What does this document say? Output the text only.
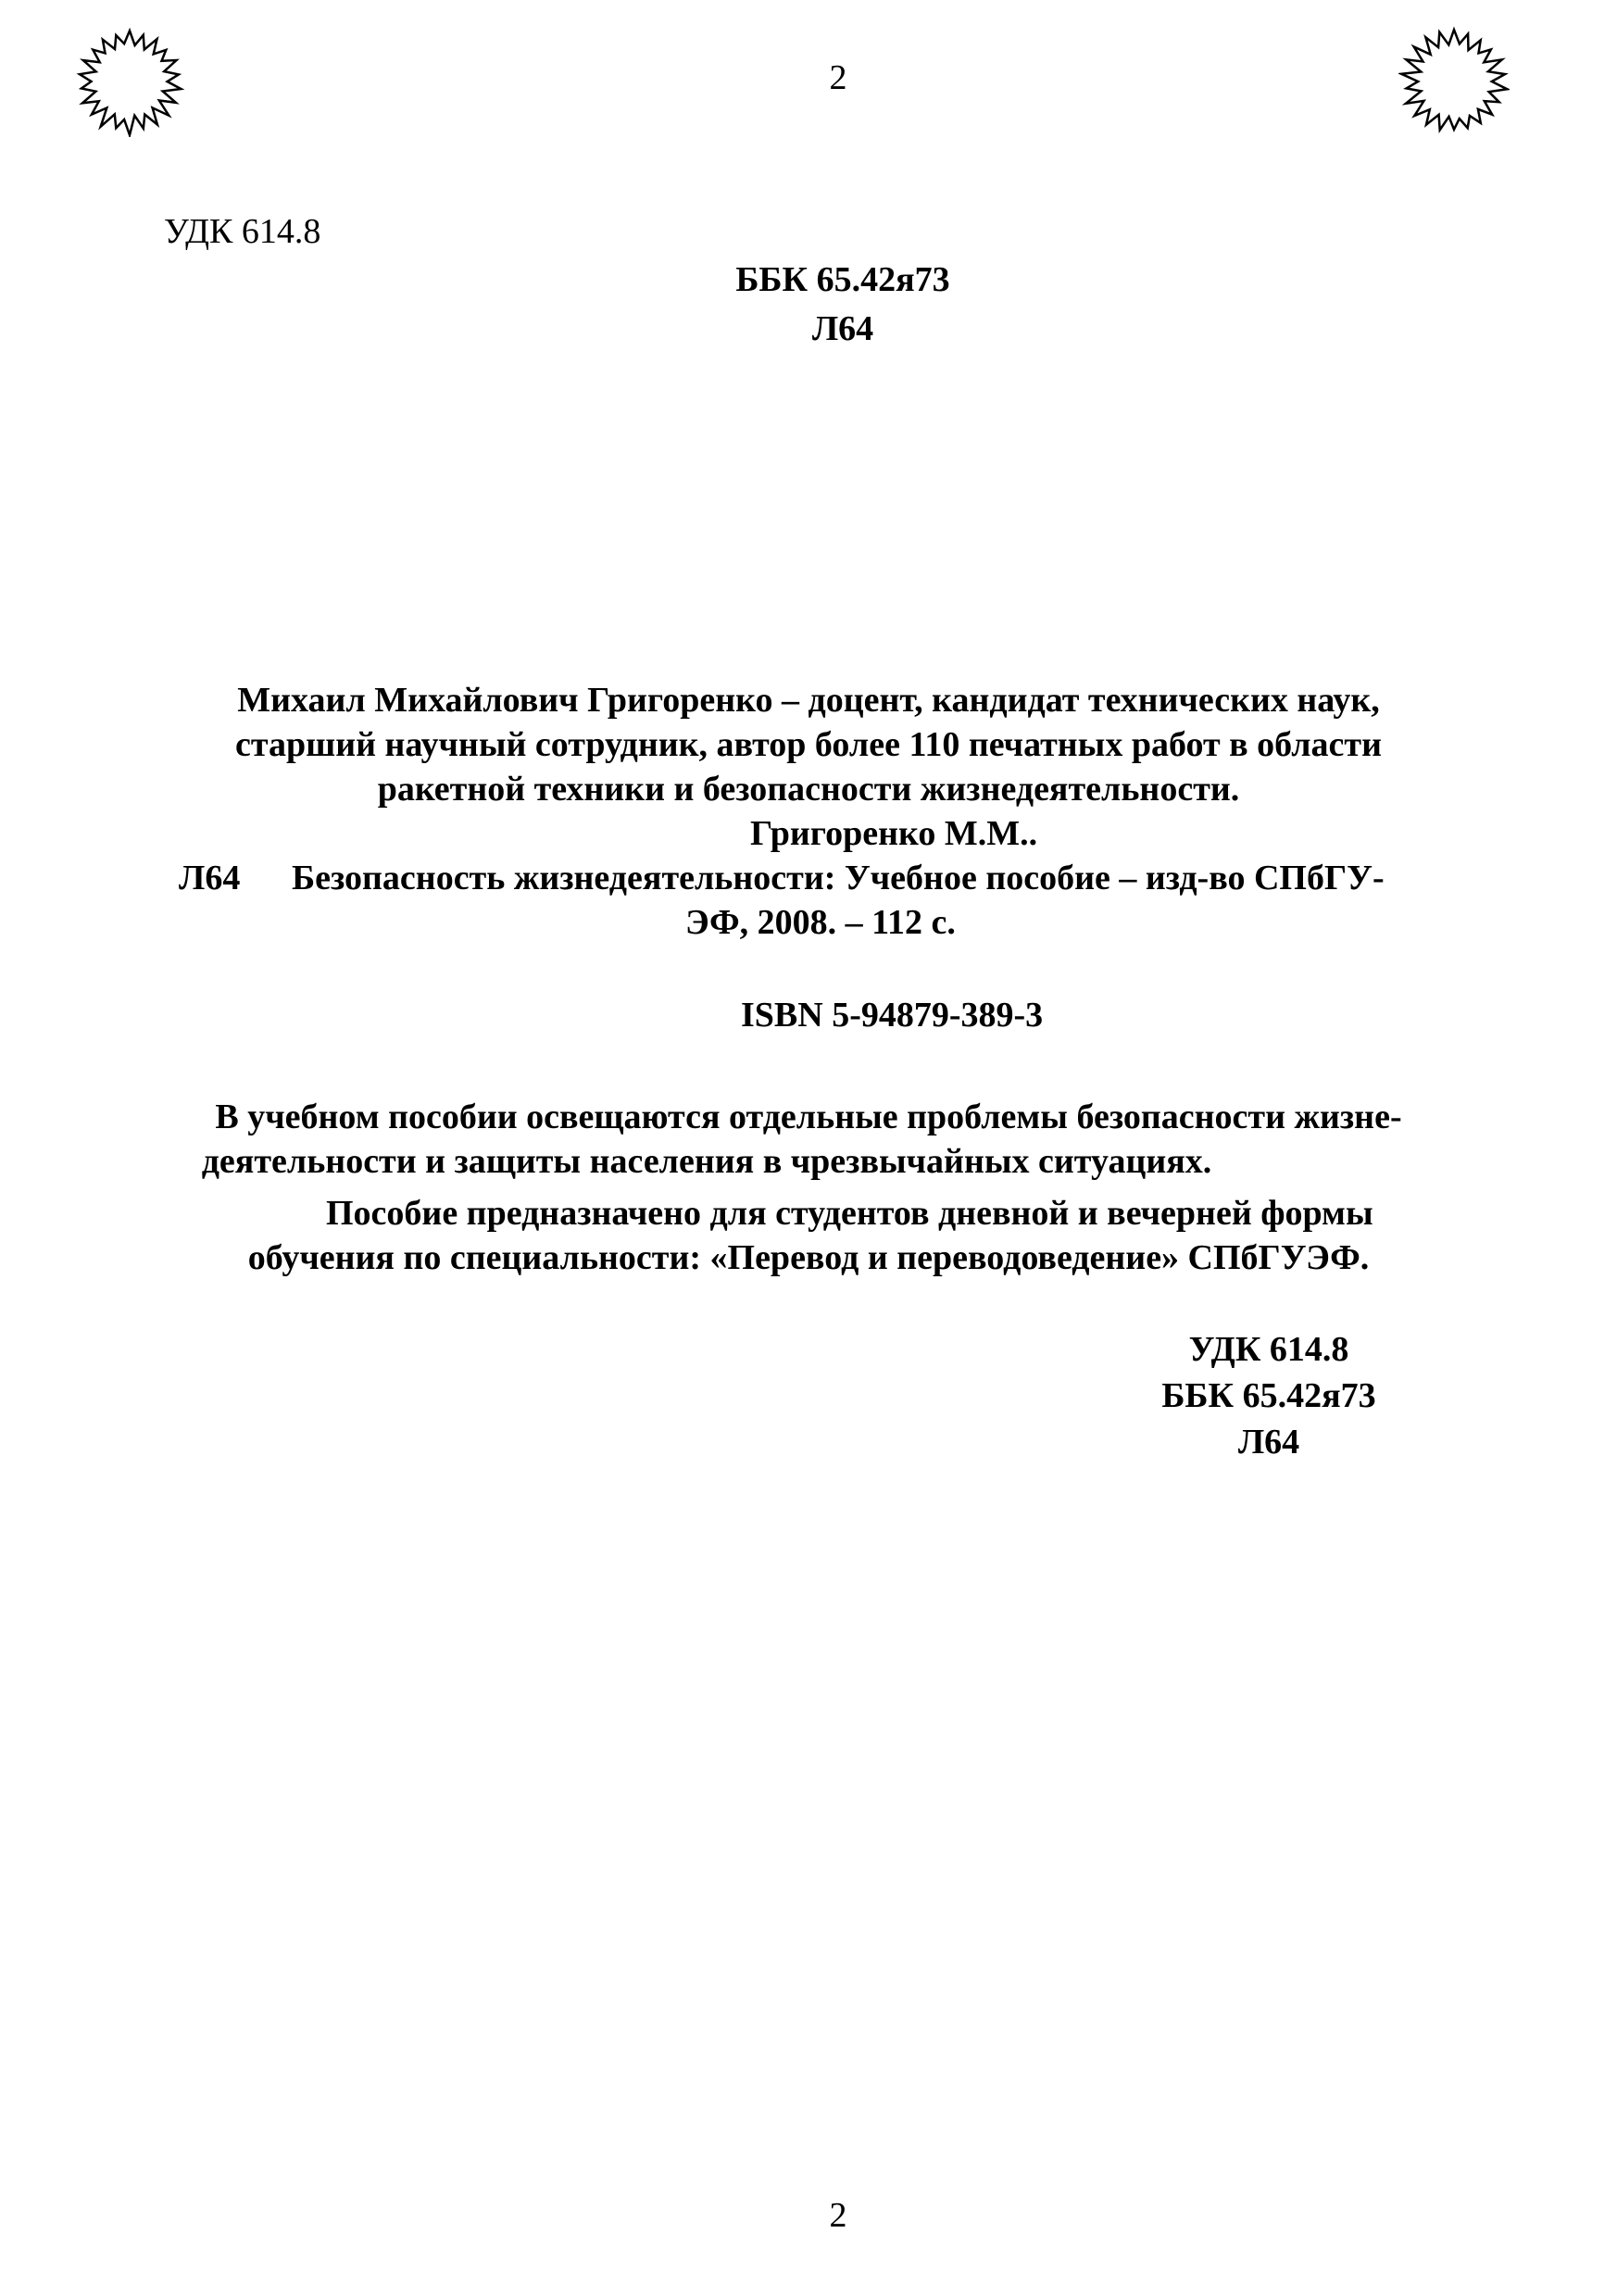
2
УДК 614.8
ББК 65.42я73
Л64
Михаил Михайлович Григоренко – доцент, кандидат технических наук,
старший научный сотрудник, автор более 110 печатных работ в области
ракетной техники и безопасности жизнедеятельности.
Григоренко М.М..
Л64 Безопасность жизнедеятельности: Учебное пособие – изд-во СПбГУ-
ЭФ, 2008. – 112 с.
ISBN 5-94879-389-3
В учебном пособии освещаются отдельные проблемы безопасности жизне-
деятельности и защиты населения в чрезвычайных ситуациях.
Пособие предназначено для студентов дневной и вечерней формы
обучения по специальности: «Перевод и переводоведение» СПбГУЭФ.
УДК 614.8
ББК 65.42я73
Л64
2
